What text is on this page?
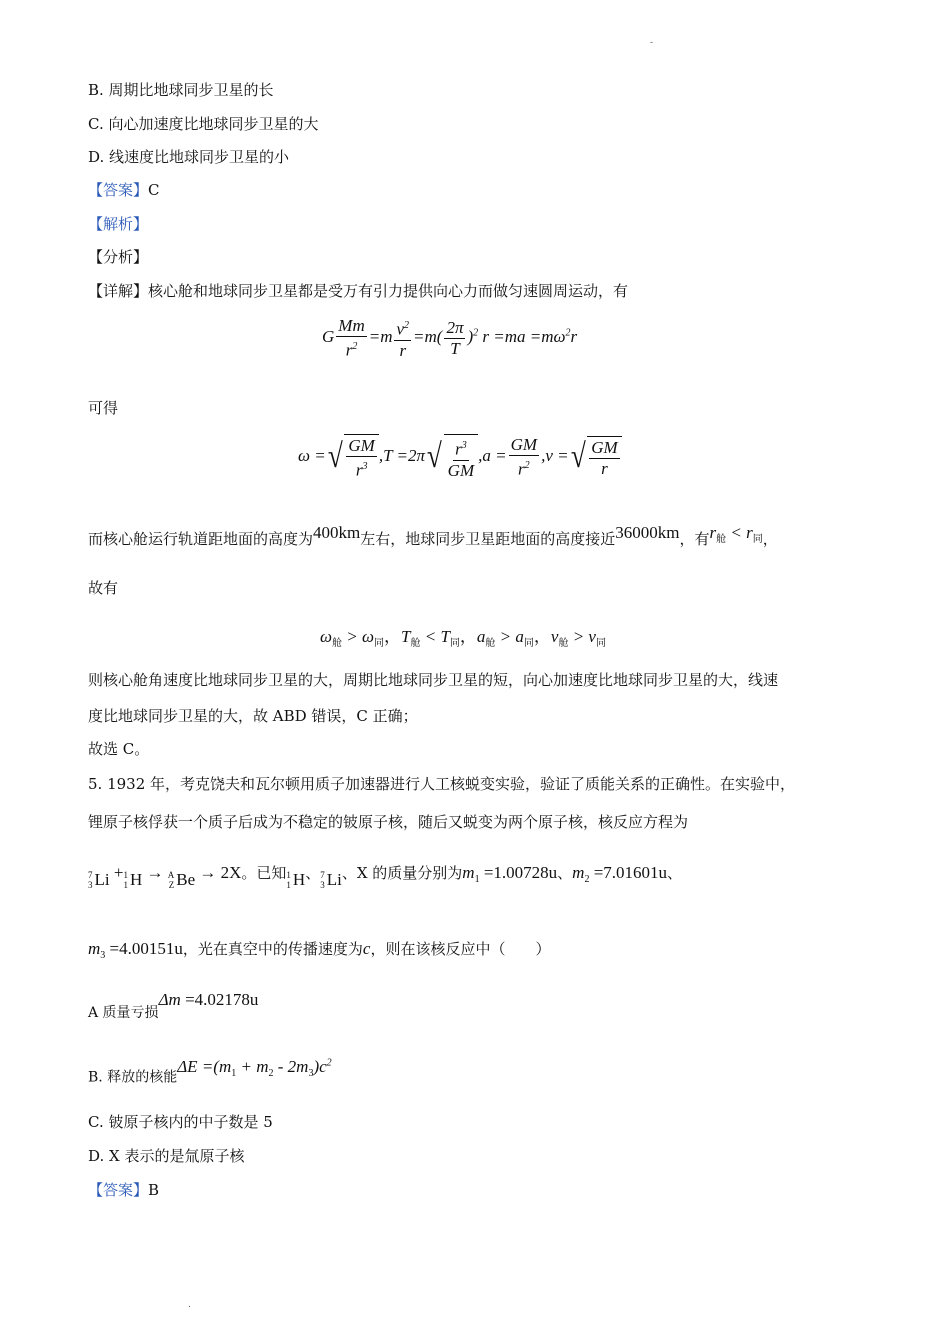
-
B. 周期比地球同步卫星的长
C. 向心加速度比地球同步卫星的大
D. 线速度比地球同步卫星的小
【答案】C
【解析】
【分析】
【详解】核心舱和地球同步卫星都是受万有引力提供向心力而做匀速圆周运动，有
G $\frac{Mm}{r^2} =m \frac{v^2}{r} =m( \frac{2\pi}{T} )^2$ $r =ma =m\omega^2r$
可得
ω = √ $\frac{GM}{r^3} ,T =2\pi$ √ $\frac{r^3}{GM} ,a = \frac{GM}{r^2} ,v$ = √ $\frac{GM}{r}$
而核心舱运行轨道距地面的高度为400km左右，地球同步卫星距地面的高度接近36000km，有$r_舱 < r_同$，
故有
$\omega_舱 > \omega_同$，$T_舱 < T_同$，$a_舱 > a_同$，$v_舱 > v_同$
则核心舱角速度比地球同步卫星的大，周期比地球同步卫星的短，向心加速度比地球同步卫星的大，线速
度比地球同步卫星的大，故 ABD 错误，C 正确；
故选 C。
5. 1932 年，考克饶夫和瓦尔顿用质子加速器进行人工核蜕变实验，验证了质能关系的正确性。在实验中，
锂原子核俘获一个质子后成为不稳定的铍原子核，随后又蜕变为两个原子核，核反应方程为
7
3 Li + 1
1 H → A
Z Be → 2X。已知 1
1 H、 7
3 Li、X 的质量分别为$m_1 =1.00728u$、$m_2 =7.01601u$、
$m_3 =4.00151u$，光在真空中的传播速度为c，则在该核反应中（　　）
A 质量亏损Δm =4.02178u
B. 释放的核能$\Delta E =(m_1 + m_2 - 2m_3)c^2$
C. 铍原子核内的中子数是 5
D. X 表示的是氚原子核
【答案】B
.
